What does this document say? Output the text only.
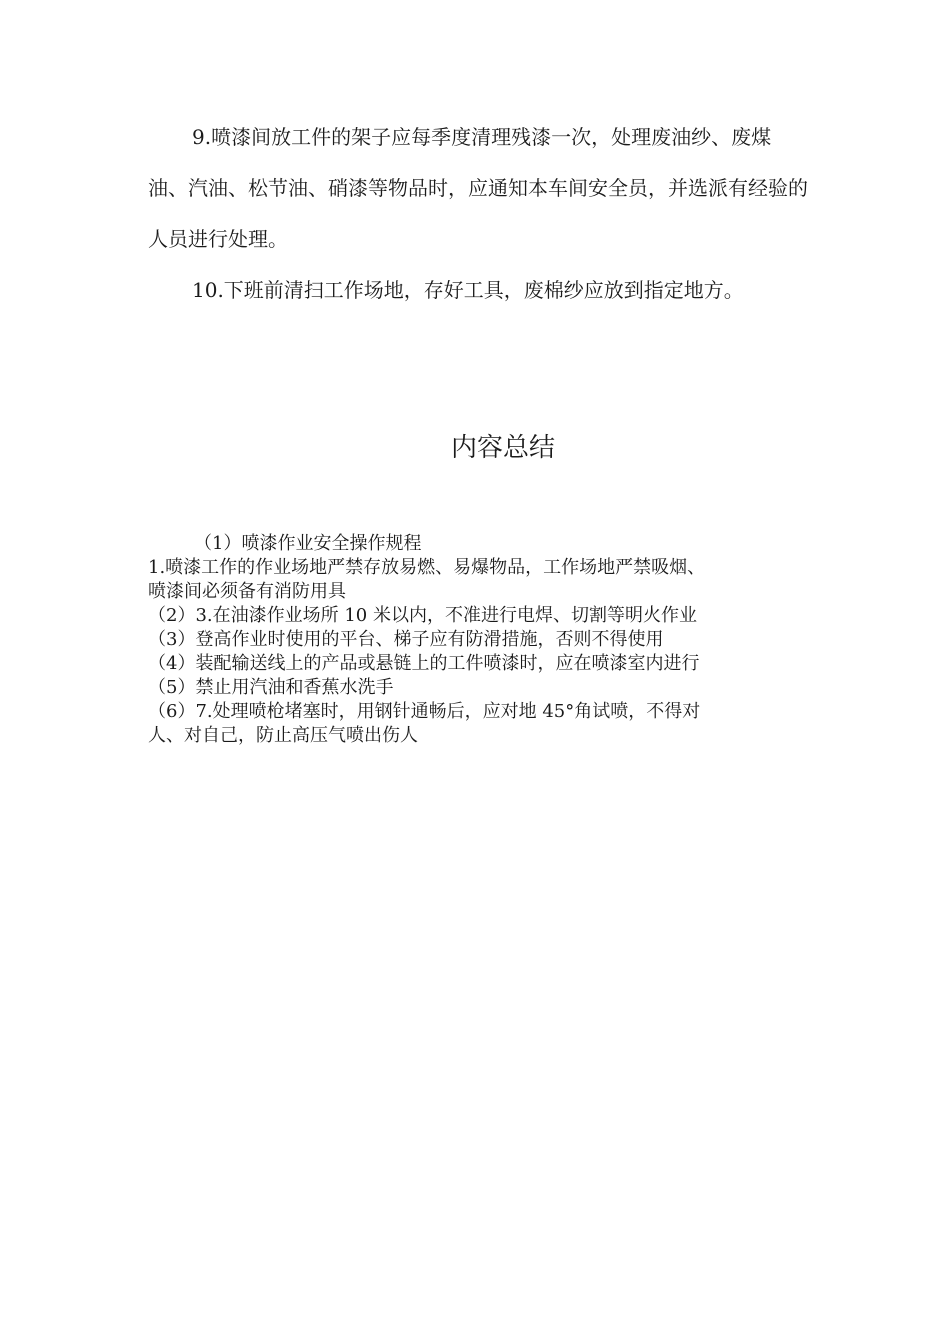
9.喷漆间放工件的架子应每季度清理残漆一次，处理废油纱、废煤油、汽油、松节油、硝漆等物品时，应通知本车间安全员，并选派有经验的人员进行处理。

10.下班前清扫工作场地，存好工具，废棉纱应放到指定地方。

内容总结
（1）喷漆作业安全操作规程
1.喷漆工作的作业场地严禁存放易燃、易爆物品，工作场地严禁吸烟、
喷漆间必须备有消防用具
（2）3.在油漆作业场所 10 米以内，不准进行电焊、切割等明火作业
（3）登高作业时使用的平台、梯子应有防滑措施，否则不得使用
（4）装配输送线上的产品或悬链上的工件喷漆时，应在喷漆室内进行
（5）禁止用汽油和香蕉水洗手
（6）7.处理喷枪堵塞时，用钢针通畅后，应对地 45°角试喷，不得对
人、对自己，防止高压气喷出伤人
